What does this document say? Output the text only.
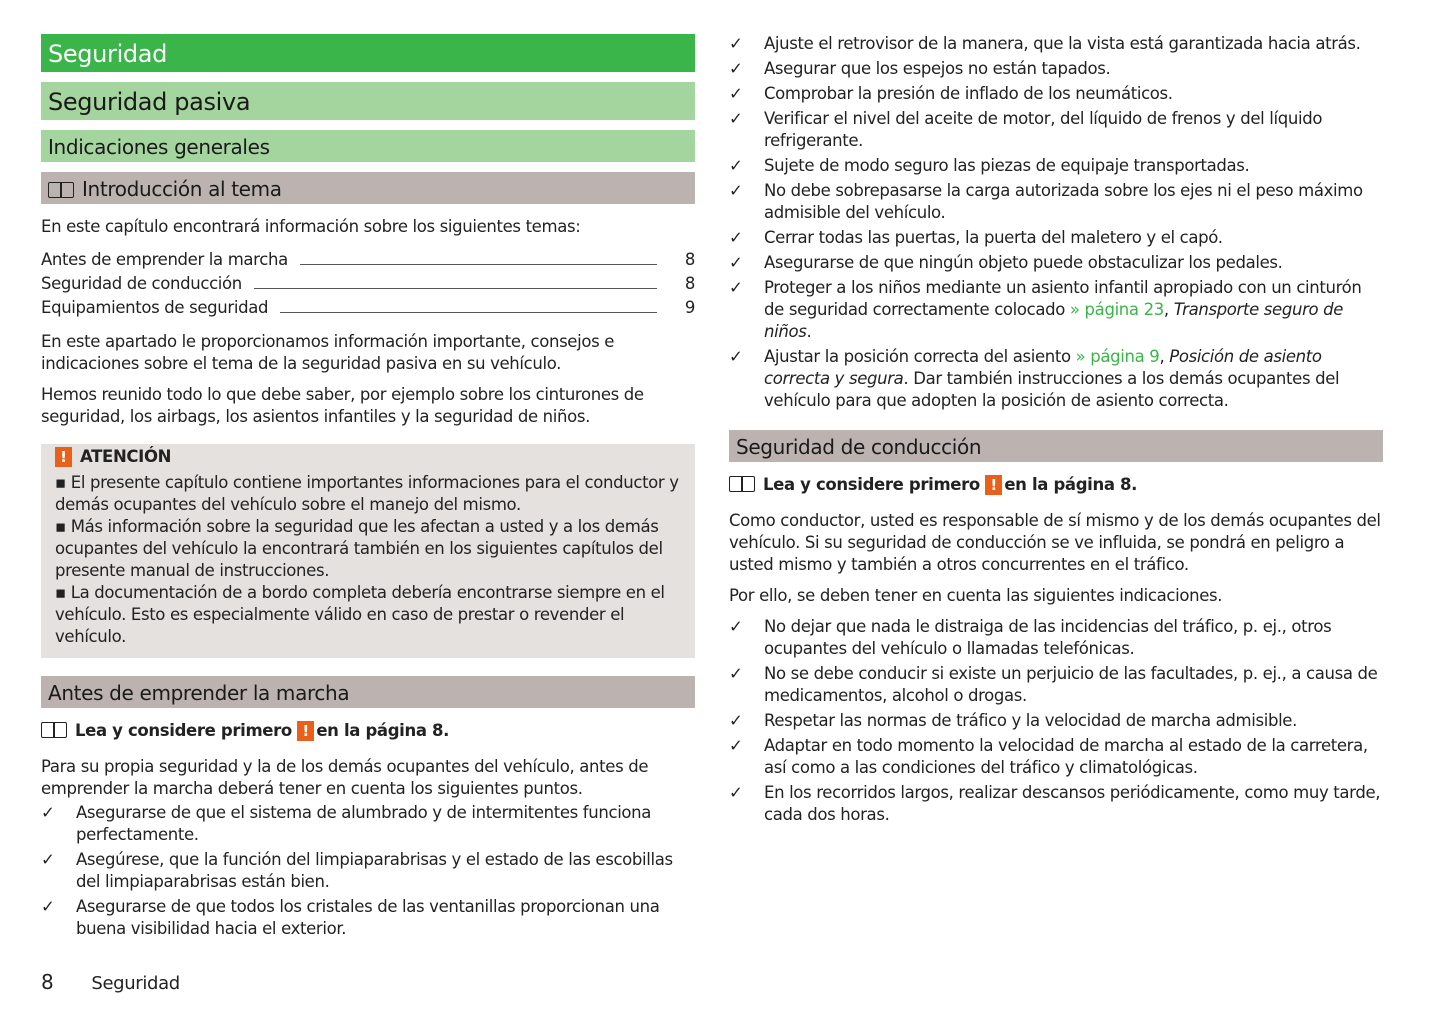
Seguridad
Seguridad pasiva
Indicaciones generales
Introducción al tema

En este capítulo encontrará información sobre los siguientes temas:

Antes de emprender la marcha	8
Seguridad de conducción	8
Equipamientos de seguridad	9

En este apartado le proporcionamos información importante, consejos e indicaciones sobre el tema de la seguridad pasiva en su vehículo.

Hemos reunido todo lo que debe saber, por ejemplo sobre los cinturones de seguridad, los airbags, los asientos infantiles y la seguridad de niños.

! ATENCIÓN
▪ El presente capítulo contiene importantes informaciones para el conductor y demás ocupantes del vehículo sobre el manejo del mismo.
▪ Más información sobre la seguridad que les afectan a usted y a los demás ocupantes del vehículo la encontrará también en los siguientes capítulos del presente manual de instrucciones.
▪ La documentación de a bordo completa debería encontrarse siempre en el vehículo. Esto es especialmente válido en caso de prestar o revender el vehículo.
Antes de emprender la marcha
Lea y considere primero ! en la página 8.

Para su propia seguridad y la de los demás ocupantes del vehículo, antes de emprender la marcha deberá tener en cuenta los siguientes puntos.

✓	Asegurarse de que el sistema de alumbrado y de intermitentes funciona perfectamente.
✓	Asegúrese, que la función del limpiaparabrisas y el estado de las escobillas del limpiaparabrisas están bien.
✓	Asegurarse de que todos los cristales de las ventanillas proporcionan una buena visibilidad hacia el exterior.
✓	Ajuste el retrovisor de la manera, que la vista está garantizada hacia atrás.
✓	Asegurar que los espejos no están tapados.
✓	Comprobar la presión de inflado de los neumáticos.
✓	Verificar el nivel del aceite de motor, del líquido de frenos y del líquido refrigerante.
✓	Sujete de modo seguro las piezas de equipaje transportadas.
✓	No debe sobrepasarse la carga autorizada sobre los ejes ni el peso máximo admisible del vehículo.
✓	Cerrar todas las puertas, la puerta del maletero y el capó.
✓	Asegurarse de que ningún objeto puede obstaculizar los pedales.
✓	Proteger a los niños mediante un asiento infantil apropiado con un cinturón de seguridad correctamente colocado » página 23, Transporte seguro de niños.
✓	Ajustar la posición correcta del asiento » página 9, Posición de asiento correcta y segura. Dar también instrucciones a los demás ocupantes del vehículo para que adopten la posición de asiento correcta.
Seguridad de conducción
Lea y considere primero ! en la página 8.

Como conductor, usted es responsable de sí mismo y de los demás ocupantes del vehículo. Si su seguridad de conducción se ve influida, se pondrá en peligro a usted mismo y también a otros concurrentes en el tráfico.

Por ello, se deben tener en cuenta las siguientes indicaciones.

✓	No dejar que nada le distraiga de las incidencias del tráfico, p. ej., otros ocupantes del vehículo o llamadas telefónicas.
✓	No se debe conducir si existe un perjuicio de las facultades, p. ej., a causa de medicamentos, alcohol o drogas.
✓	Respetar las normas de tráfico y la velocidad de marcha admisible.
✓	Adaptar en todo momento la velocidad de marcha al estado de la carretera, así como a las condiciones del tráfico y climatológicas.
✓	En los recorridos largos, realizar descansos periódicamente, como muy tarde, cada dos horas.
8 Seguridad
